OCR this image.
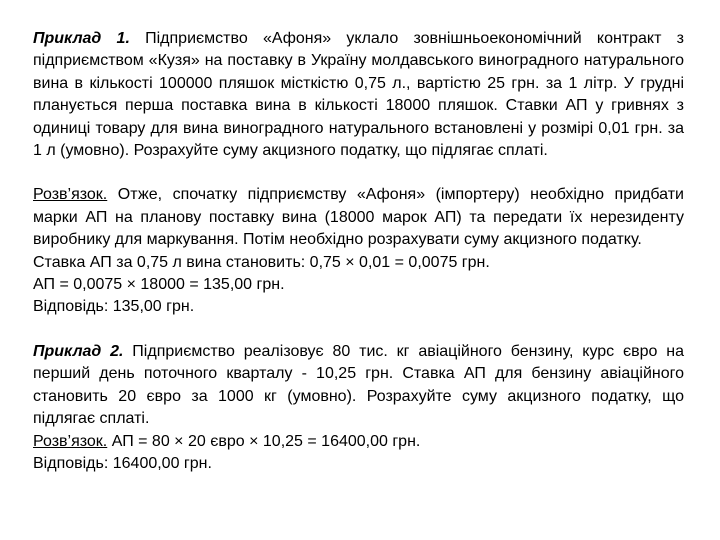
Приклад 1. Підприємство «Афоня» уклало зовнішньоекономічний контракт з підприємством «Кузя» на поставку в Україну молдавського виноградного натурального вина в кількості 100000 пляшок місткістю 0,75 л., вартістю 25 грн. за 1 літр. У грудні планується перша поставка вина в кількості 18000 пляшок. Ставки АП у гривнях з одиниці товару для вина виноградного натурального встановлені у розмірі 0,01 грн. за 1 л (умовно). Розрахуйте суму акцизного податку, що підлягає сплаті.

Розв’язок. Отже, спочатку підприємству «Афоня» (імпортеру) необхідно придбати марки АП на планову поставку вина (18000 марок АП) та передати їх нерезиденту виробнику для маркування. Потім необхідно розрахувати суму акцизного податку.

Ставка АП за 0,75 л вина становить: 0,75 × 0,01 = 0,0075 грн.

АП = 0,0075 × 18000 = 135,00 грн.

Відповідь: 135,00 грн.

Приклад 2. Підприємство реалізовує 80 тис. кг авіаційного бензину, курс євро на перший день поточного кварталу - 10,25 грн. Ставка АП для бензину авіаційного становить 20 євро за 1000 кг (умовно). Розрахуйте суму акцизного податку, що підлягає сплаті.

Розв’язок. АП = 80 × 20 євро × 10,25 = 16400,00 грн.

Відповідь: 16400,00 грн.
